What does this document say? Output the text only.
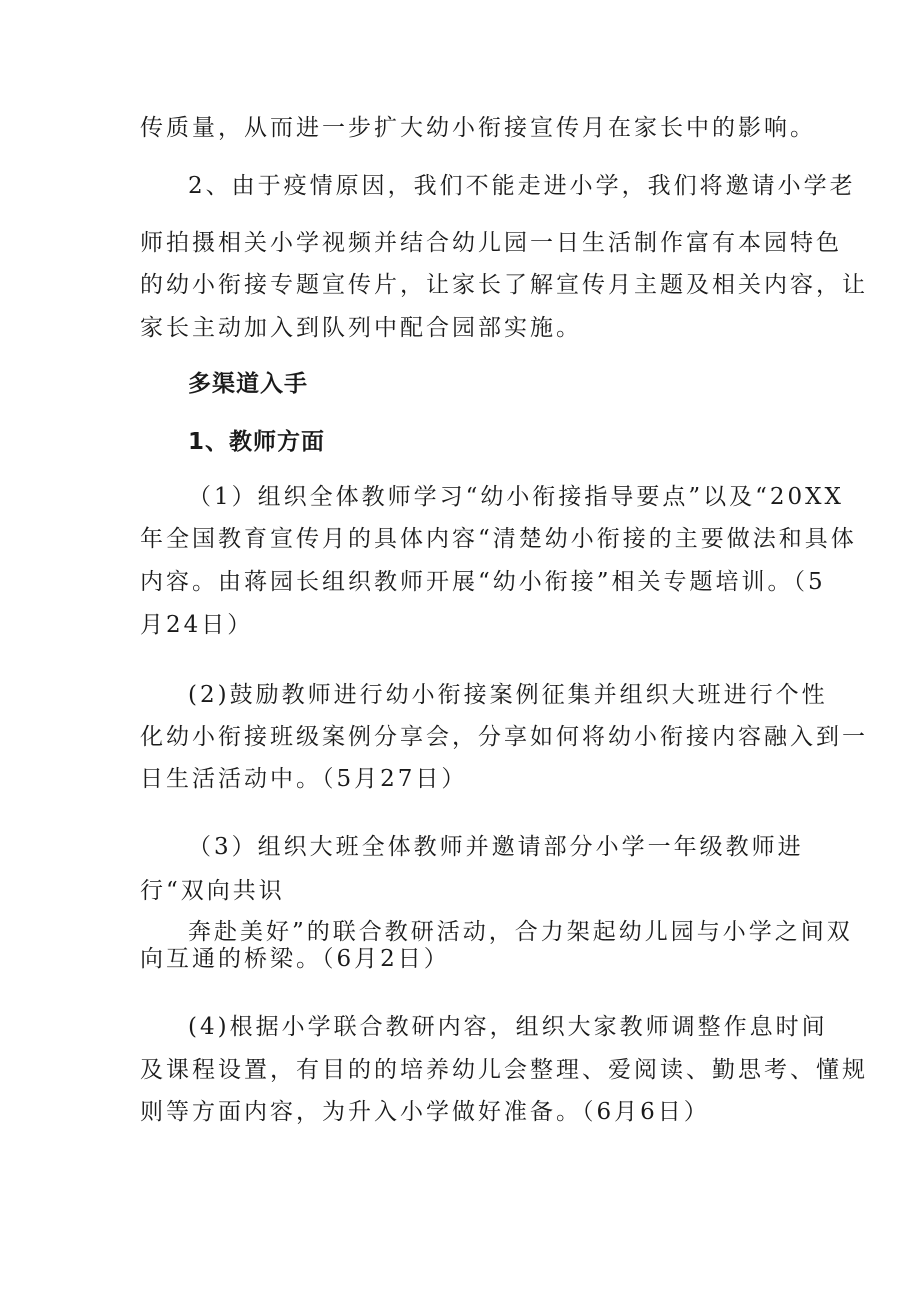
传质量，从而进一步扩大幼小衔接宣传月在家长中的影响。
2、由于疫情原因，我们不能走进小学，我们将邀请小学老
师拍摄相关小学视频并结合幼儿园一日生活制作富有本园特色
的幼小衔接专题宣传片，让家长了解宣传月主题及相关内容，让
家长主动加入到队列中配合园部实施。
多渠道入手
1、教师方面
（1）组织全体教师学习“幼小衔接指导要点”以及“20XX
年全国教育宣传月的具体内容“清楚幼小衔接的主要做法和具体
内容。由蒋园长组织教师开展“幼小衔接”相关专题培训。（5
月24日）
(2)鼓励教师进行幼小衔接案例征集并组织大班进行个性
化幼小衔接班级案例分享会，分享如何将幼小衔接内容融入到一
日生活活动中。（5月27日）
（3）组织大班全体教师并邀请部分小学一年级教师进
行“双向共识
奔赴美好”的联合教研活动，合力架起幼儿园与小学之间双
向互通的桥梁。（6月2日）
(4)根据小学联合教研内容，组织大家教师调整作息时间
及课程设置，有目的的培养幼儿会整理、爱阅读、勤思考、懂规
则等方面内容，为升入小学做好准备。（6月6日）
